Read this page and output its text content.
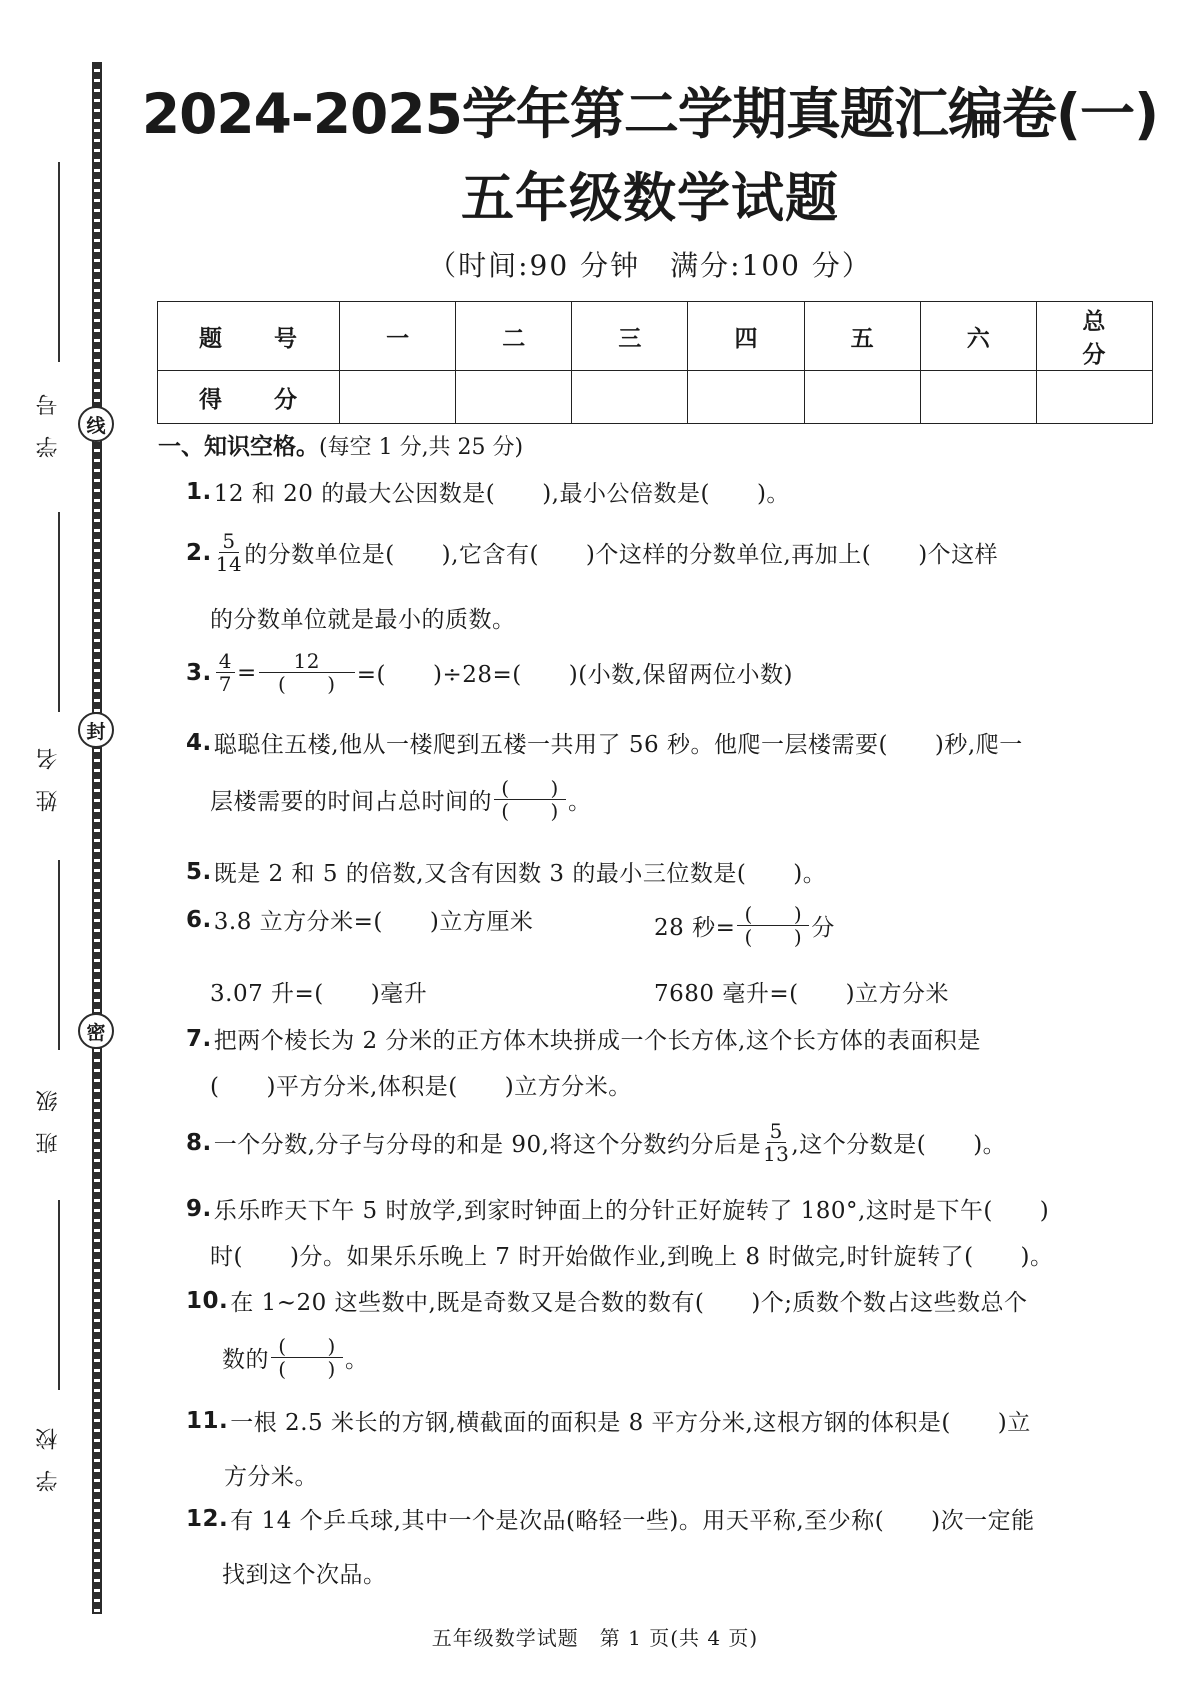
线
封
密
学号
姓名
班级
学校
2024-2025学年第二学期真题汇编卷(一)
五年级数学试题
（时间:90 分钟　满分:100 分）
题 号	一	二	三	四	五	六	总 分
得 分							
一、知识空格。(每空 1 分,共 25 分)
1. 12 和 20 的最大公因数是(　　),最小公倍数是(　　)。
2. $\frac{5}{14}$ 的分数单位是(　　),它含有(　　)个这样的分数单位,再加上(　　)个这样
的分数单位就是最小的质数。
3. $\frac{4}{7} = \frac{12}{( )}$ =(　　)÷28=(　　)(小数,保留两位小数)
4. 聪聪住五楼,他从一楼爬到五楼一共用了 56 秒。他爬一层楼需要(　　)秒,爬一
层楼需要的时间占总时间的 $\frac{( )}{( )}$ 。
5. 既是 2 和 5 的倍数,又含有因数 3 的最小三位数是(　　)。
6. 3.8 立方分米=(　　)立方厘米	28 秒= $\frac{( )}{( )}$ 分
3.07 升=(　　)毫升	7680 毫升=(　　)立方分米
7. 把两个棱长为 2 分米的正方体木块拼成一个长方体,这个长方体的表面积是
(　　)平方分米,体积是(　　)立方分米。
8. 一个分数,分子与分母的和是 90,将这个分数约分后是 $\frac{5}{13}$ ,这个分数是(　　)。
9. 乐乐昨天下午 5 时放学,到家时钟面上的分针正好旋转了 180°,这时是下午(　　)
时(　　)分。如果乐乐晚上 7 时开始做作业,到晚上 8 时做完,时针旋转了(　　)。
10. 在 1~20 这些数中,既是奇数又是合数的数有(　　)个;质数个数占这些数总个
数的 $\frac{( )}{( )}$ 。
11. 一根 2.5 米长的方钢,横截面的面积是 8 平方分米,这根方钢的体积是(　　)立
方分米。
12. 有 14 个乒乓球,其中一个是次品(略轻一些)。用天平称,至少称(　　)次一定能
找到这个次品。
五年级数学试题　第 1 页(共 4 页)
